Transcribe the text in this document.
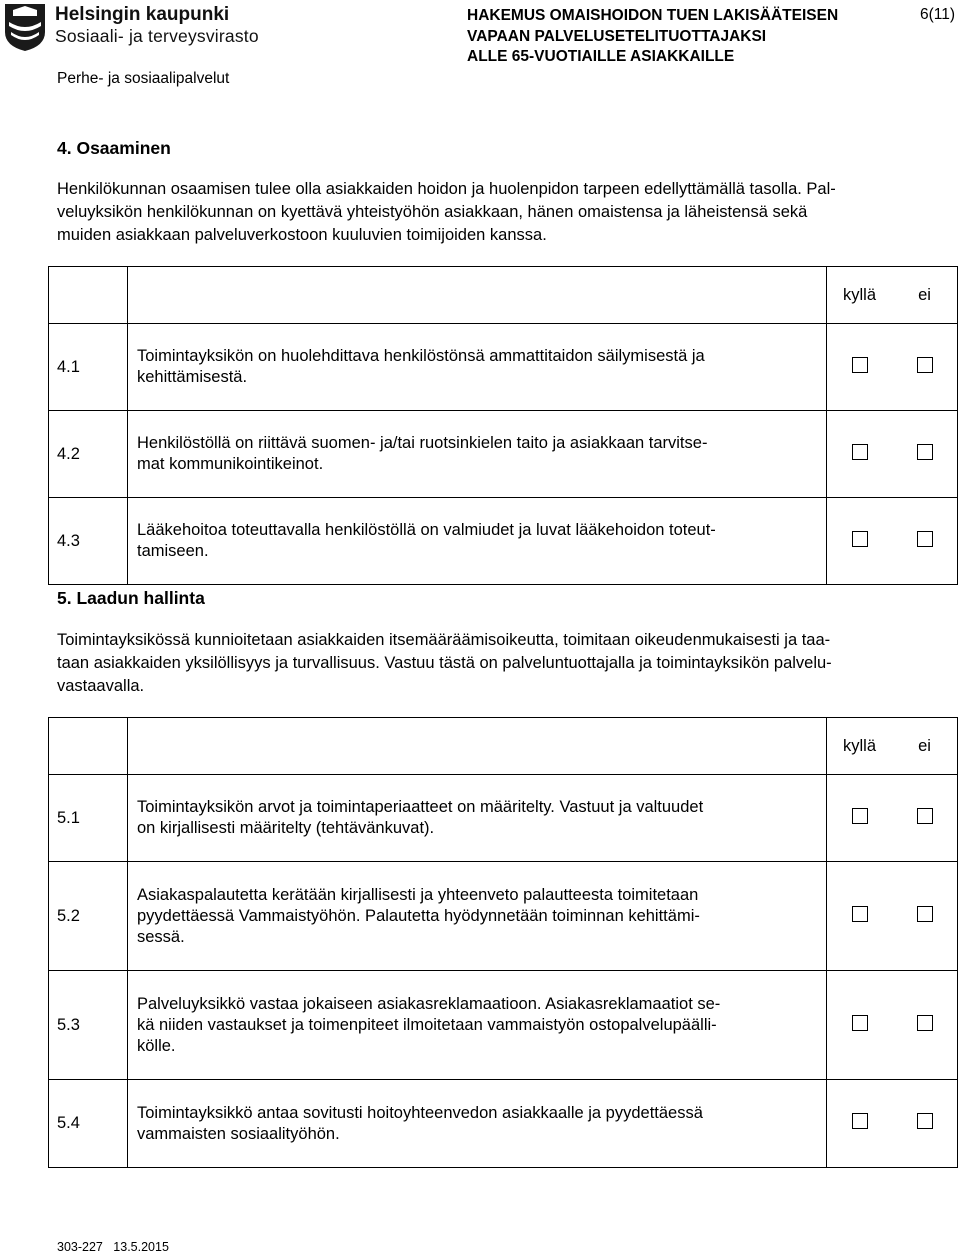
Helsingin kaupunki
Sosiaali- ja terveysvirasto
HAKEMUS OMAISHOIDON TUEN LAKISÄÄTEISEN
VAPAAN PALVELUSETELITUOTTAJAKSI
ALLE 65-VUOTIAILLE ASIAKKAILLE
6(11)
Perhe- ja sosiaalipalvelut
4. Osaaminen
Henkilökunnan osaamisen tulee olla asiakkaiden hoidon ja huolenpidon tarpeen edellyttämällä tasolla. Pal-
veluyksikön henkilökunnan on kyettävä yhteistyöhön asiakkaan, hänen omaistensa ja läheistensä sekä
muiden asiakkaan palveluverkostoon kuuluvien toimijoiden kanssa.

		kyllä ei

4.1	Toimintayksikön on huolehdittava henkilöstönsä ammattitaidon säilymisestä ja
kehittämisestä.	

4.2	Henkilöstöllä on riittävä suomen- ja/tai ruotsinkielen taito ja asiakkaan tarvitse-
mat kommunikointikeinot.	

4.3	Lääkehoitoa toteuttavalla henkilöstöllä on valmiudet ja luvat lääkehoidon toteut-
tamiseen.	

5. Laadun hallinta
Toimintayksikössä kunnioitetaan asiakkaiden itsemääräämisoikeutta, toimitaan oikeudenmukaisesti ja taa-
taan asiakkaiden yksilöllisyys ja turvallisuus. Vastuu tästä on palveluntuottajalla ja toimintayksikön palvelu-
vastaavalla.

		kyllä ei

5.1	Toimintayksikön arvot ja toimintaperiaatteet on määritelty. Vastuut ja valtuudet
on kirjallisesti määritelty (tehtävänkuvat).	

5.2	Asiakaspalautetta kerätään kirjallisesti ja yhteenveto palautteesta toimitetaan
pyydettäessä Vammaistyöhön. Palautetta hyödynnetään toiminnan kehittämi-
sessä.	

5.3	Palveluyksikkö vastaa jokaiseen asiakasreklamaatioon. Asiakasreklamaatiot se-
kä niiden vastaukset ja toimenpiteet ilmoitetaan vammaistyön ostopalvelupäälli-
kölle.	

5.4	Toimintayksikkö antaa sovitusti hoitoyhteenvedon asiakkaalle ja pyydettäessä
vammaisten sosiaalityöhön.	

303-227 13.5.2015
